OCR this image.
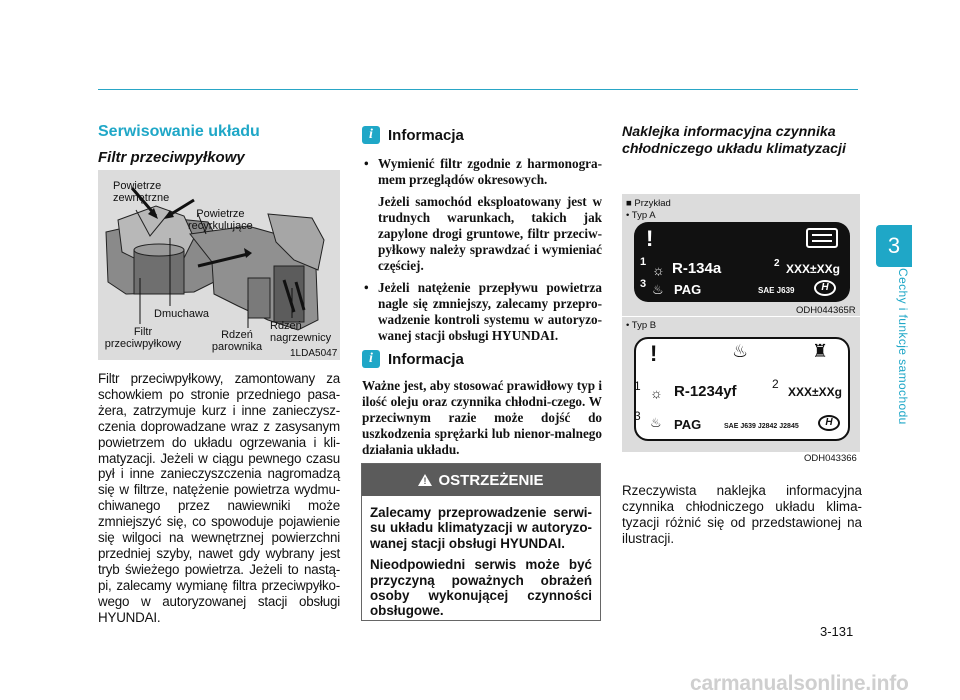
3
Cechy i funkcje samochodu
Serwisowanie układu
Filtr przeciwpyłkowy
Powietrze
zewnętrzne
Powietrze
recyrkulujące
Dmuchawa
Filtr
przeciwpyłkowy
Rdzeń
parownika
Rdzeń
nagrzewnicy
1LDA5047
Filtr przeciwpyłkowy, zamontowany za schowkiem po stronie przedniego pasa-żera, zatrzymuje kurz i inne zanieczysz-czenia doprowadzane wraz z zasysanym powietrzem do układu ogrzewania i kli-matyzacji. Jeżeli w ciągu pewnego czasu pył i inne zanieczyszczenia nagromadzą się w filtrze, natężenie powietrza wydmu-chiwanego przez nawiewniki może zmniejszyć się, co spowoduje pojawienie się wilgoci na wewnętrznej powierzchni przedniej szyby, nawet gdy wybrany jest tryb świeżego powietrza. Jeżeli to nastą-pi, zalecamy wymianę filtra przeciwpyłko-wego w autoryzowanej stacji obsługi HYUNDAI.
i	Informacja
• Wymienić filtr zgodnie z harmonogra-mem przeglądów okresowych.
Jeżeli samochód eksploatowany jest w trudnych warunkach, takich jak zapylone drogi gruntowe, filtr przeciw-pyłkowy należy sprawdzać i wymieniać częściej.
• Jeżeli natężenie przepływu powietrza nagle się zmniejszy, zalecamy przepro-wadzenie kontroli systemu w autoryzo-wanej stacji obsługi HYUNDAI.
i	Informacja
Ważne jest, aby stosować prawidłowy typ i ilość oleju oraz czynnika chłodni-czego. W przeciwnym razie może dojść do uszkodzenia sprężarki lub nienor-malnego działania układu.
! OSTRZEŻENIE

Zalecamy przeprowadzenie serwi-su układu klimatyzacji w autoryzo-wanej stacji obsługi HYUNDAI.

Nieodpowiedni serwis może być przyczyną poważnych obrażeń osoby wykonującej czynności obsługowe.

Naklejka informacyjna czynnika chłodniczego układu klimatyzacji
■ Przykład
• Typ A
!
1 ☼ R-134a	2 XXX±XXg
3 ♨ PAG	SAE J639	H
ODH044365R
• Typ B
!	♨	♜
1 ☼ R-1234yf	2
XXX±XXg
3 ♨ PAG	SAE J639 J2842 J2845	H
ODH043366
Rzeczywista naklejka informacyjna czynnika chłodniczego układu klima-tyzacji różnić się od przedstawionej na ilustracji.
3-131
carmanualsonline.info
